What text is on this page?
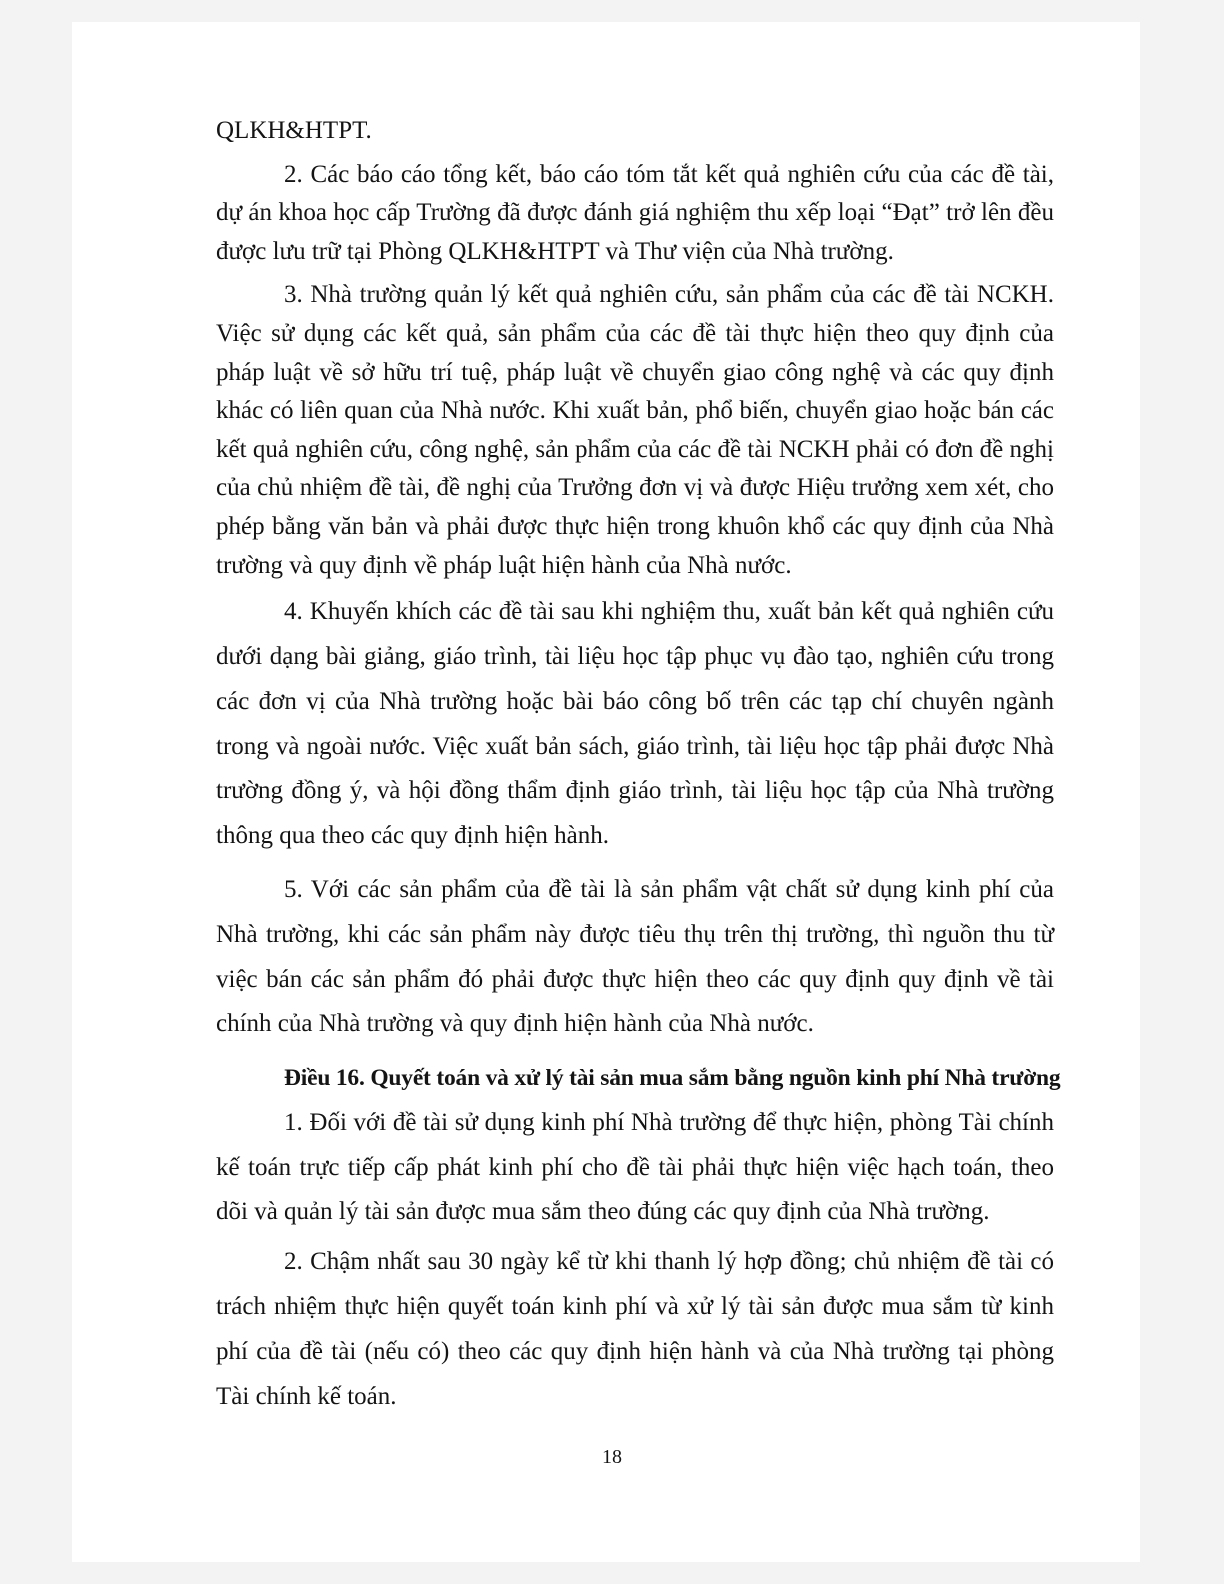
QLKH&HTPT.

2. Các báo cáo tổng kết, báo cáo tóm tắt kết quả nghiên cứu của các đề tài, dự án khoa học cấp Trường đã được đánh giá nghiệm thu xếp loại “Đạt” trở lên đều được lưu trữ tại Phòng QLKH&HTPT và Thư viện của Nhà trường.

3. Nhà trường quản lý kết quả nghiên cứu, sản phẩm của các đề tài NCKH. Việc sử dụng các kết quả, sản phẩm của các đề tài thực hiện theo quy định của pháp luật về sở hữu trí tuệ, pháp luật về chuyển giao công nghệ và các quy định khác có liên quan của Nhà nước. Khi xuất bản, phổ biến, chuyển giao hoặc bán các kết quả nghiên cứu, công nghệ, sản phẩm của các đề tài NCKH phải có đơn đề nghị của chủ nhiệm đề tài, đề nghị của Trưởng đơn vị và được Hiệu trưởng xem xét, cho phép bằng văn bản và phải được thực hiện trong khuôn khổ các quy định của Nhà trường và quy định về pháp luật hiện hành của Nhà nước.

4. Khuyến khích các đề tài sau khi nghiệm thu, xuất bản kết quả nghiên cứu dưới dạng bài giảng, giáo trình, tài liệu học tập phục vụ đào tạo, nghiên cứu trong các đơn vị của Nhà trường hoặc bài báo công bố trên các tạp chí chuyên ngành trong và ngoài nước. Việc xuất bản sách, giáo trình, tài liệu học tập phải được Nhà trường đồng ý, và hội đồng thẩm định giáo trình, tài liệu học tập của Nhà trường thông qua theo các quy định hiện hành.

5. Với các sản phẩm của đề tài là sản phẩm vật chất sử dụng kinh phí của Nhà trường, khi các sản phẩm này được tiêu thụ trên thị trường, thì nguồn thu từ việc bán các sản phẩm đó phải được thực hiện theo các quy định quy định về tài chính của Nhà trường và quy định hiện hành của Nhà nước.

Điều 16. Quyết toán và xử lý tài sản mua sắm bằng nguồn kinh phí Nhà trường

1. Đối với đề tài sử dụng kinh phí Nhà trường để thực hiện, phòng Tài chính kế toán trực tiếp cấp phát kinh phí cho đề tài phải thực hiện việc hạch toán, theo dõi và quản lý tài sản được mua sắm theo đúng các quy định của Nhà trường.

2. Chậm nhất sau 30 ngày kể từ khi thanh lý hợp đồng; chủ nhiệm đề tài có trách nhiệm thực hiện quyết toán kinh phí và xử lý tài sản được mua sắm từ kinh phí của đề tài (nếu có) theo các quy định hiện hành và của Nhà trường tại phòng Tài chính kế toán.

18
